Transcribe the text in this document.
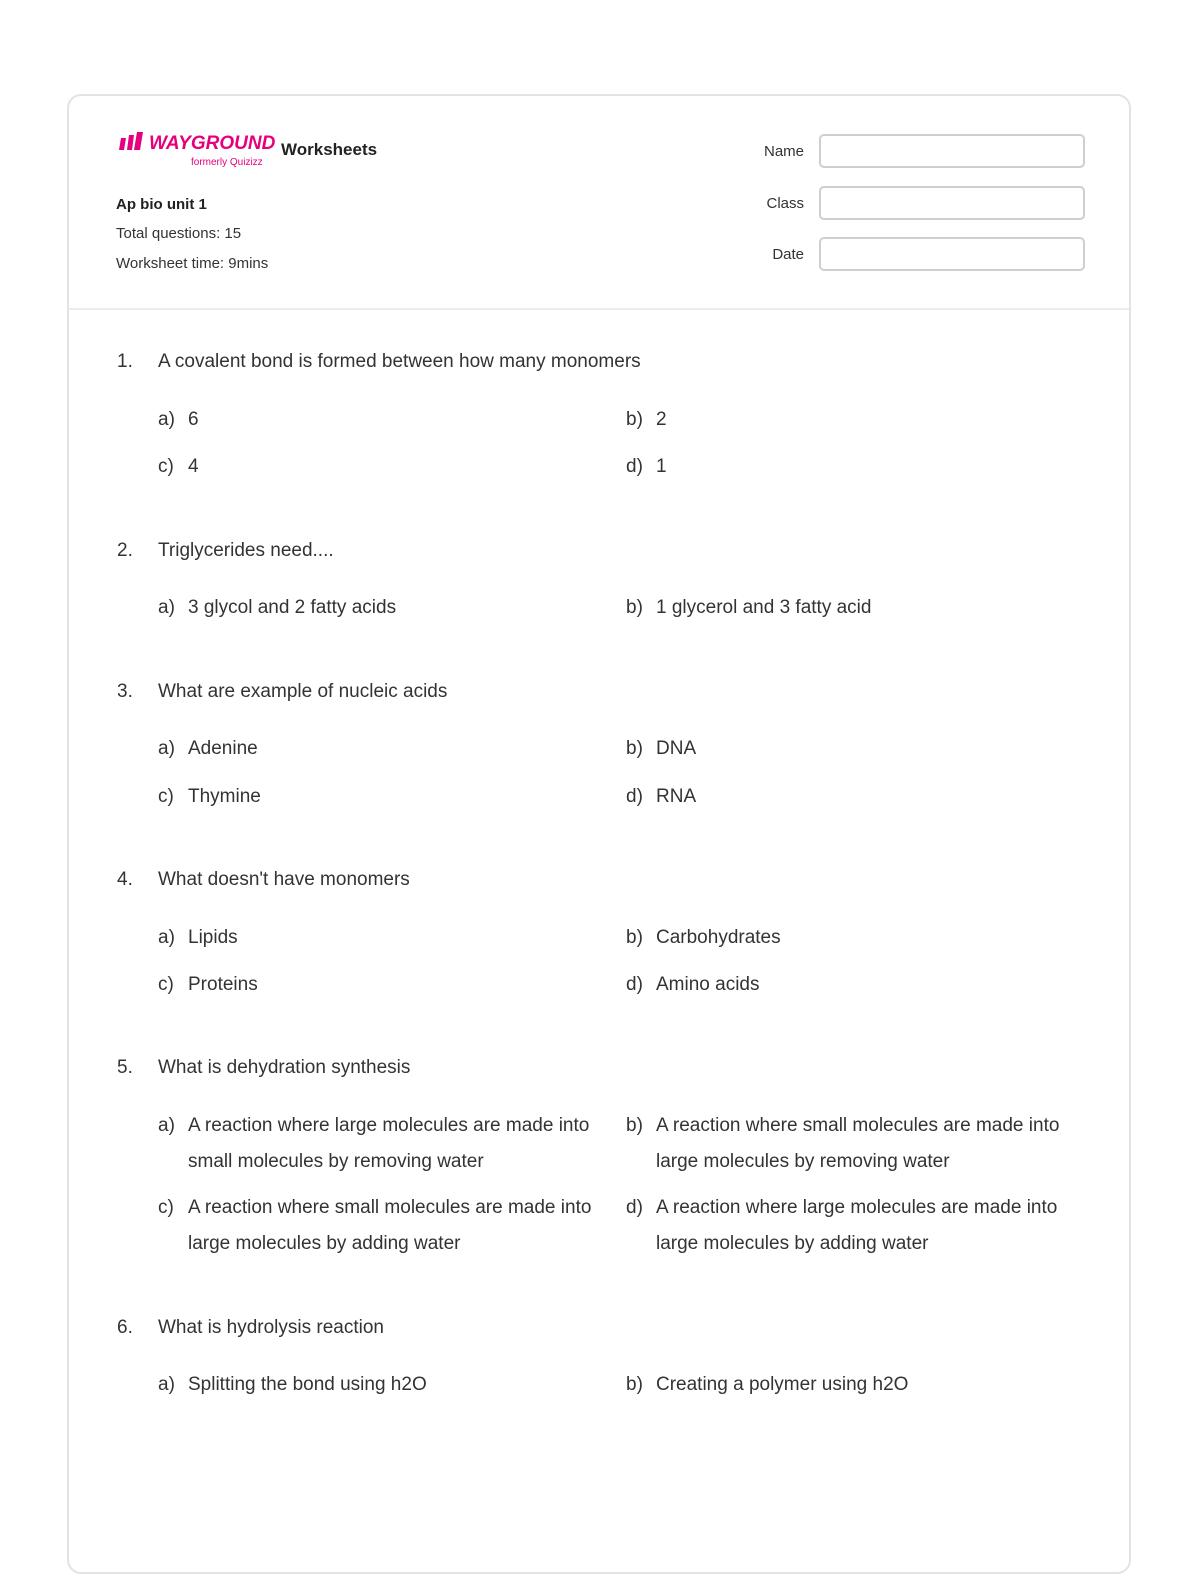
WAYGROUND
formerly Quizizz
Worksheets
Ap bio unit 1
Total questions: 15
Worksheet time: 9mins
Name
Class
Date
1. A covalent bond is formed between how many monomers
a) 6	b) 2
c) 4	d) 1
2. Triglycerides need....
a) 3 glycol and 2 fatty acids	b) 1 glycerol and 3 fatty acid
3. What are example of nucleic acids
a) Adenine	b) DNA
c) Thymine	d) RNA
4. What doesn't have monomers
a) Lipids	b) Carbohydrates
c) Proteins	d) Amino acids
5. What is dehydration synthesis
a) A reaction where large molecules are made into small molecules by removing water
b) A reaction where small molecules are made into large molecules by removing water
c) A reaction where small molecules are made into large molecules by adding water
d) A reaction where large molecules are made into large molecules by adding water
6. What is hydrolysis reaction
a) Splitting the bond using h2O	b) Creating a polymer using h2O
